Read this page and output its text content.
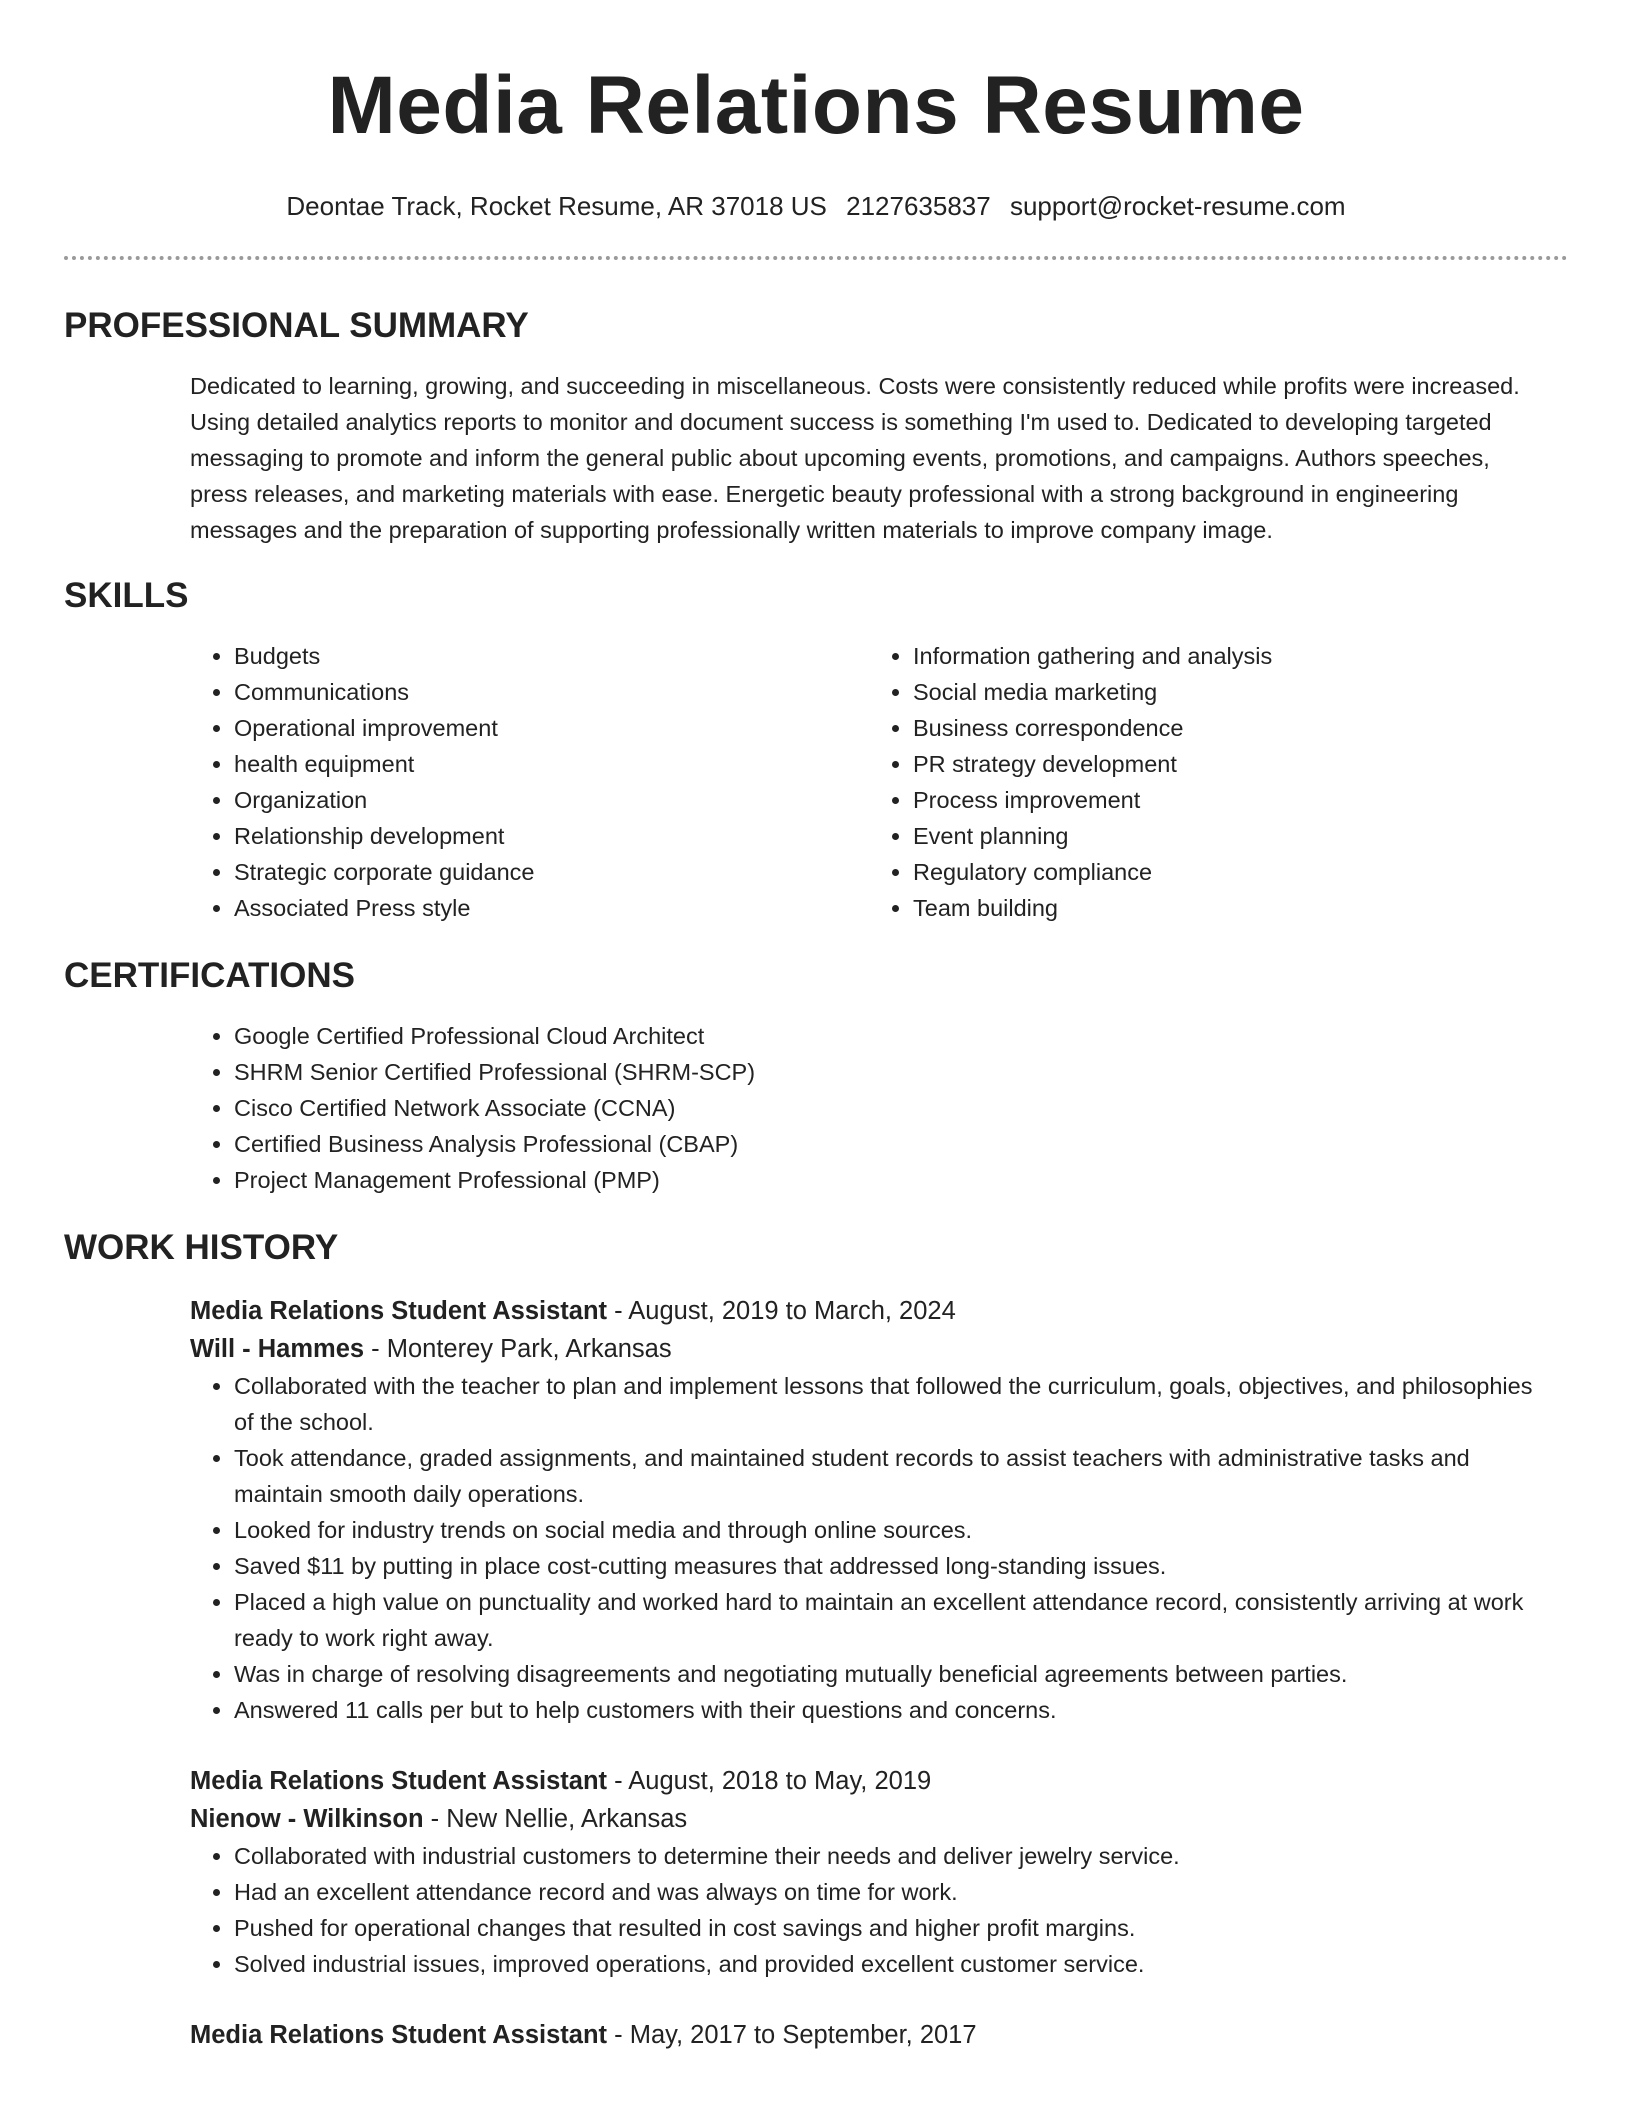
Media Relations Resume
Deontae Track, Rocket Resume, AR 37018 US 2127635837 support@rocket-resume.com
PROFESSIONAL SUMMARY
Dedicated to learning, growing, and succeeding in miscellaneous. Costs were consistently reduced while profits were increased. Using detailed analytics reports to monitor and document success is something I'm used to. Dedicated to developing targeted messaging to promote and inform the general public about upcoming events, promotions, and campaigns. Authors speeches, press releases, and marketing materials with ease. Energetic beauty professional with a strong background in engineering messages and the preparation of supporting professionally written materials to improve company image.
SKILLS
• Budgets
• Communications
• Operational improvement
• health equipment
• Organization
• Relationship development
• Strategic corporate guidance
• Associated Press style
• Information gathering and analysis
• Social media marketing
• Business correspondence
• PR strategy development
• Process improvement
• Event planning
• Regulatory compliance
• Team building
CERTIFICATIONS
• Google Certified Professional Cloud Architect
• SHRM Senior Certified Professional (SHRM-SCP)
• Cisco Certified Network Associate (CCNA)
• Certified Business Analysis Professional (CBAP)
• Project Management Professional (PMP)
WORK HISTORY
Media Relations Student Assistant - August, 2019 to March, 2024
Will - Hammes - Monterey Park, Arkansas
• Collaborated with the teacher to plan and implement lessons that followed the curriculum, goals, objectives, and philosophies of the school.
• Took attendance, graded assignments, and maintained student records to assist teachers with administrative tasks and maintain smooth daily operations.
• Looked for industry trends on social media and through online sources.
• Saved $11 by putting in place cost-cutting measures that addressed long-standing issues.
• Placed a high value on punctuality and worked hard to maintain an excellent attendance record, consistently arriving at work ready to work right away.
• Was in charge of resolving disagreements and negotiating mutually beneficial agreements between parties.
• Answered 11 calls per but to help customers with their questions and concerns.
Media Relations Student Assistant - August, 2018 to May, 2019
Nienow - Wilkinson - New Nellie, Arkansas
• Collaborated with industrial customers to determine their needs and deliver jewelry service.
• Had an excellent attendance record and was always on time for work.
• Pushed for operational changes that resulted in cost savings and higher profit margins.
• Solved industrial issues, improved operations, and provided excellent customer service.
Media Relations Student Assistant - May, 2017 to September, 2017
